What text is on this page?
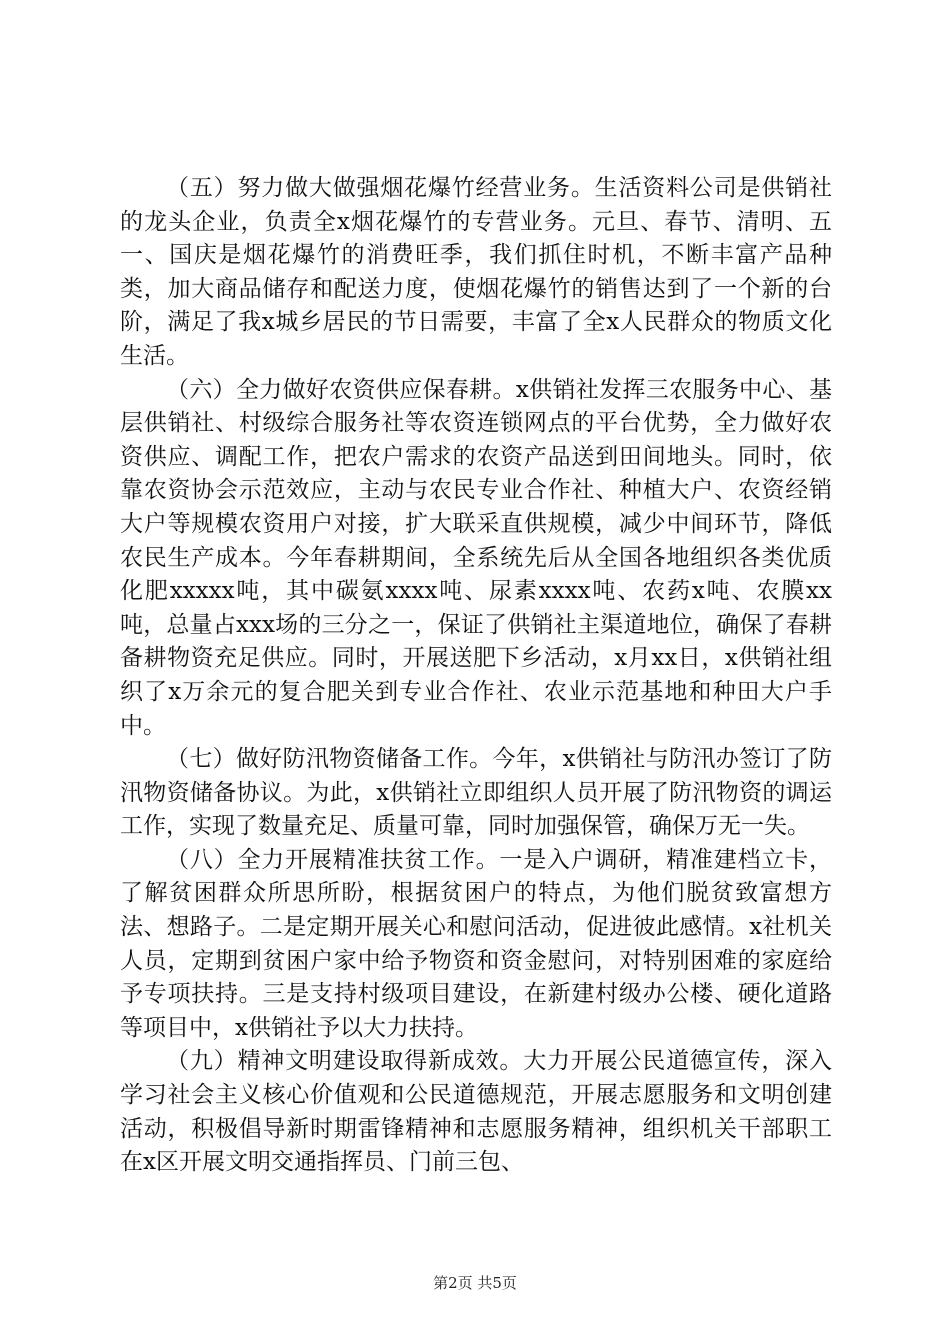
（五）努力做大做强烟花爆竹经营业务。生活资料公司是供销社的龙头企业，负责全x烟花爆竹的专营业务。元旦、春节、清明、五一、国庆是烟花爆竹的消费旺季，我们抓住时机，不断丰富产品种类，加大商品储存和配送力度，使烟花爆竹的销售达到了一个新的台阶，满足了我x城乡居民的节日需要，丰富了全x人民群众的物质文化生活。

（六）全力做好农资供应保春耕。x供销社发挥三农服务中心、基层供销社、村级综合服务社等农资连锁网点的平台优势，全力做好农资供应、调配工作，把农户需求的农资产品送到田间地头。同时，依靠农资协会示范效应，主动与农民专业合作社、种植大户、农资经销大户等规模农资用户对接，扩大联采直供规模，减少中间环节，降低农民生产成本。今年春耕期间，全系统先后从全国各地组织各类优质化肥xxxxx吨，其中碳氨xxxx吨、尿素xxxx吨、农药x吨、农膜xx吨，总量占xxx场的三分之一，保证了供销社主渠道地位，确保了春耕备耕物资充足供应。同时，开展送肥下乡活动，x月xx日，x供销社组织了x万余元的复合肥关到专业合作社、农业示范基地和种田大户手中。

（七）做好防汛物资储备工作。今年，x供销社与防汛办签订了防汛物资储备协议。为此，x供销社立即组织人员开展了防汛物资的调运工作，实现了数量充足、质量可靠，同时加强保管，确保万无一失。

（八）全力开展精准扶贫工作。一是入户调研，精准建档立卡，了解贫困群众所思所盼，根据贫困户的特点，为他们脱贫致富想方法、想路子。二是定期开展关心和慰问活动，促进彼此感情。x社机关人员，定期到贫困户家中给予物资和资金慰问，对特别困难的家庭给予专项扶持。三是支持村级项目建设，在新建村级办公楼、硬化道路等项目中，x供销社予以大力扶持。

（九）精神文明建设取得新成效。大力开展公民道德宣传，深入学习社会主义核心价值观和公民道德规范，开展志愿服务和文明创建活动，积极倡导新时期雷锋精神和志愿服务精神，组织机关干部职工在x区开展文明交通指挥员、门前三包、

第2页 共5页
